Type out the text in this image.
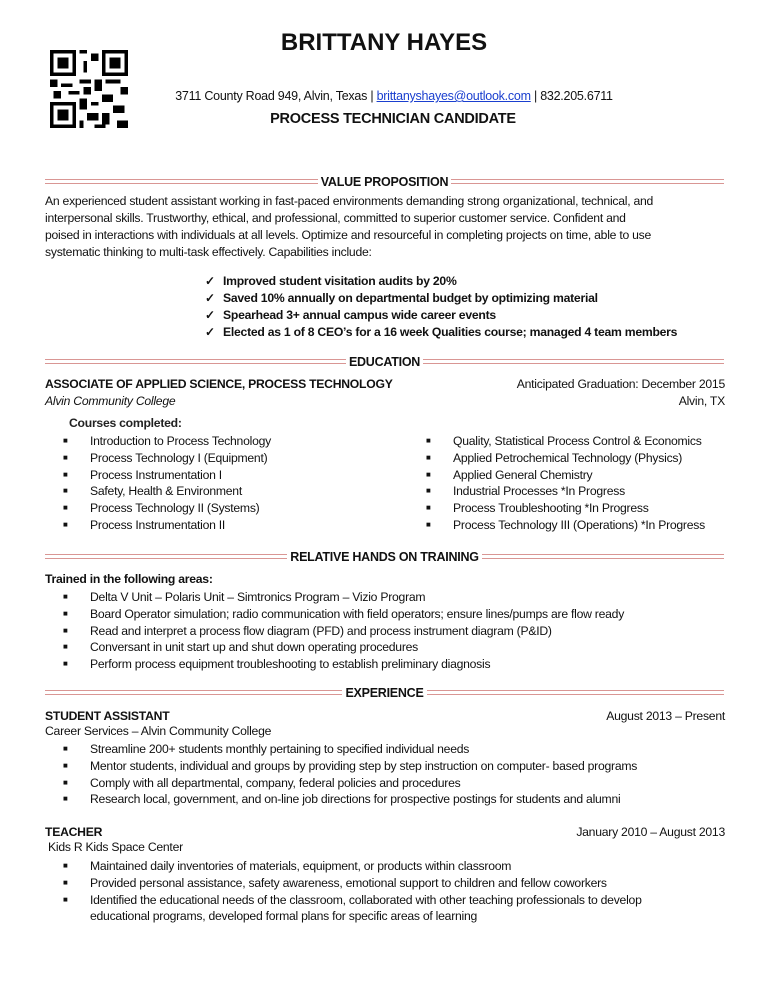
BRITTANY HAYES
3711 County Road 949, Alvin, Texas | brittanyshayes@outlook.com | 832.205.6711
PROCESS TECHNICIAN CANDIDATE
VALUE PROPOSITION
An experienced student assistant working in fast-paced environments demanding strong organizational, technical, and
interpersonal skills. Trustworthy, ethical, and professional, committed to superior customer service. Confident and
poised in interactions with individuals at all levels. Optimize and resourceful in completing projects on time, able to use
systematic thinking to multi-task effectively. Capabilities include:
✓ Improved student visitation audits by 20%
✓ Saved 10% annually on departmental budget by optimizing material
✓ Spearhead 3+ annual campus wide career events
✓ Elected as 1 of 8 CEO’s for a 16 week Qualities course; managed 4 team members
EDUCATION
ASSOCIATE OF APPLIED SCIENCE, PROCESS TECHNOLOGY	Anticipated Graduation: December 2015
Alvin Community College	Alvin, TX
Courses completed:
■	Introduction to Process Technology
■	Process Technology I (Equipment)
■	Process Instrumentation I
■	Safety, Health & Environment
■	Process Technology II (Systems)
■	Process Instrumentation II
■	Quality, Statistical Process Control & Economics
■	Applied Petrochemical Technology (Physics)
■	Applied General Chemistry
■	Industrial Processes *In Progress
■	Process Troubleshooting *In Progress
■	Process Technology III (Operations) *In Progress
RELATIVE HANDS ON TRAINING
Trained in the following areas:
■	Delta V Unit – Polaris Unit – Simtronics Program – Vizio Program
■	Board Operator simulation; radio communication with field operators; ensure lines/pumps are flow ready
■	Read and interpret a process flow diagram (PFD) and process instrument diagram (P&ID)
■	Conversant in unit start up and shut down operating procedures
■	Perform process equipment troubleshooting to establish preliminary diagnosis
EXPERIENCE
STUDENT ASSISTANT	August 2013 – Present
Career Services – Alvin Community College
■	Streamline 200+ students monthly pertaining to specified individual needs
■	Mentor students, individual and groups by providing step by step instruction on computer- based programs
■	Comply with all departmental, company, federal policies and procedures
■	Research local, government, and on-line job directions for prospective postings for students and alumni
TEACHER	January 2010 – August 2013
Kids R Kids Space Center
■	Maintained daily inventories of materials, equipment, or products within classroom
■	Provided personal assistance, safety awareness, emotional support to children and fellow coworkers
■	Identified the educational needs of the classroom, collaborated with other teaching professionals to develop
educational programs, developed formal plans for specific areas of learning
